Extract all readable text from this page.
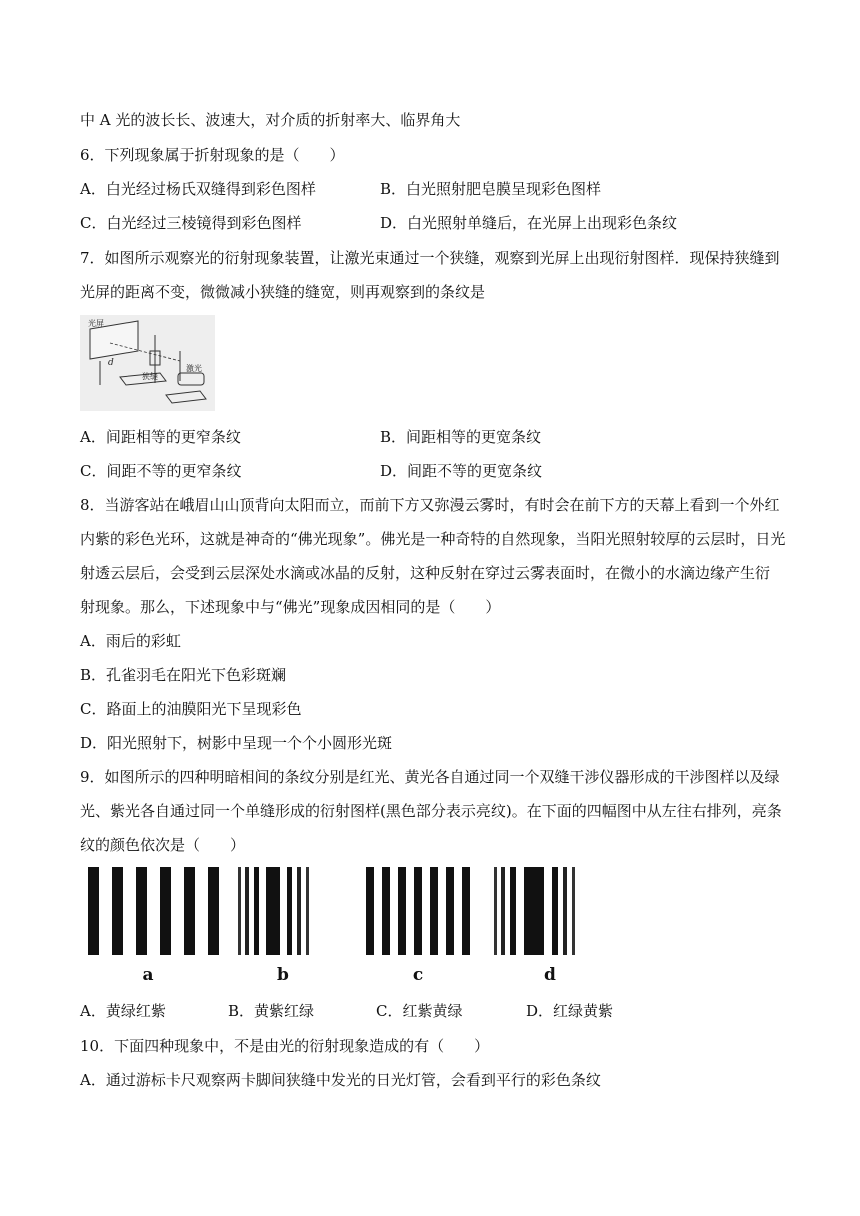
中 A 光的波长长、波速大，对介质的折射率大、临界角大
6．下列现象属于折射现象的是（　　）
A．白光经过杨氏双缝得到彩色图样	B．白光照射肥皂膜呈现彩色图样
C．白光经过三棱镜得到彩色图样	D．白光照射单缝后，在光屏上出现彩色条纹
7．如图所示观察光的衍射现象装置，让激光束通过一个狭缝，观察到光屏上出现衍射图样．现保持狭缝到
光屏的距离不变，微微减小狭缝的缝宽，则再观察到的条纹是
光屏
d
狭缝
激光
A．间距相等的更窄条纹	B．间距相等的更宽条纹
C．间距不等的更窄条纹	D．间距不等的更宽条纹
8．当游客站在峨眉山山顶背向太阳而立，而前下方又弥漫云雾时，有时会在前下方的天幕上看到一个外红
内紫的彩色光环，这就是神奇的“佛光现象”。佛光是一种奇特的自然现象，当阳光照射较厚的云层时，日光
射透云层后，会受到云层深处水滴或冰晶的反射，这种反射在穿过云雾表面时，在微小的水滴边缘产生衍
射现象。那么，下述现象中与“佛光”现象成因相同的是（　　）
A．雨后的彩虹
B．孔雀羽毛在阳光下色彩斑斓
C．路面上的油膜阳光下呈现彩色
D．阳光照射下，树影中呈现一个个小圆形光斑
9．如图所示的四种明暗相间的条纹分别是红光、黄光各自通过同一个双缝干涉仪器形成的干涉图样以及绿
光、紫光各自通过同一个单缝形成的衍射图样(黑色部分表示亮纹)。在下面的四幅图中从左往右排列，亮条
纹的颜色依次是（　　）
a	b	c	d
A．黄绿红紫	B．黄紫红绿	C．红紫黄绿	D．红绿黄紫
10．下面四种现象中，不是由光的衍射现象造成的有（　　）
A．通过游标卡尺观察两卡脚间狭缝中发光的日光灯管，会看到平行的彩色条纹
